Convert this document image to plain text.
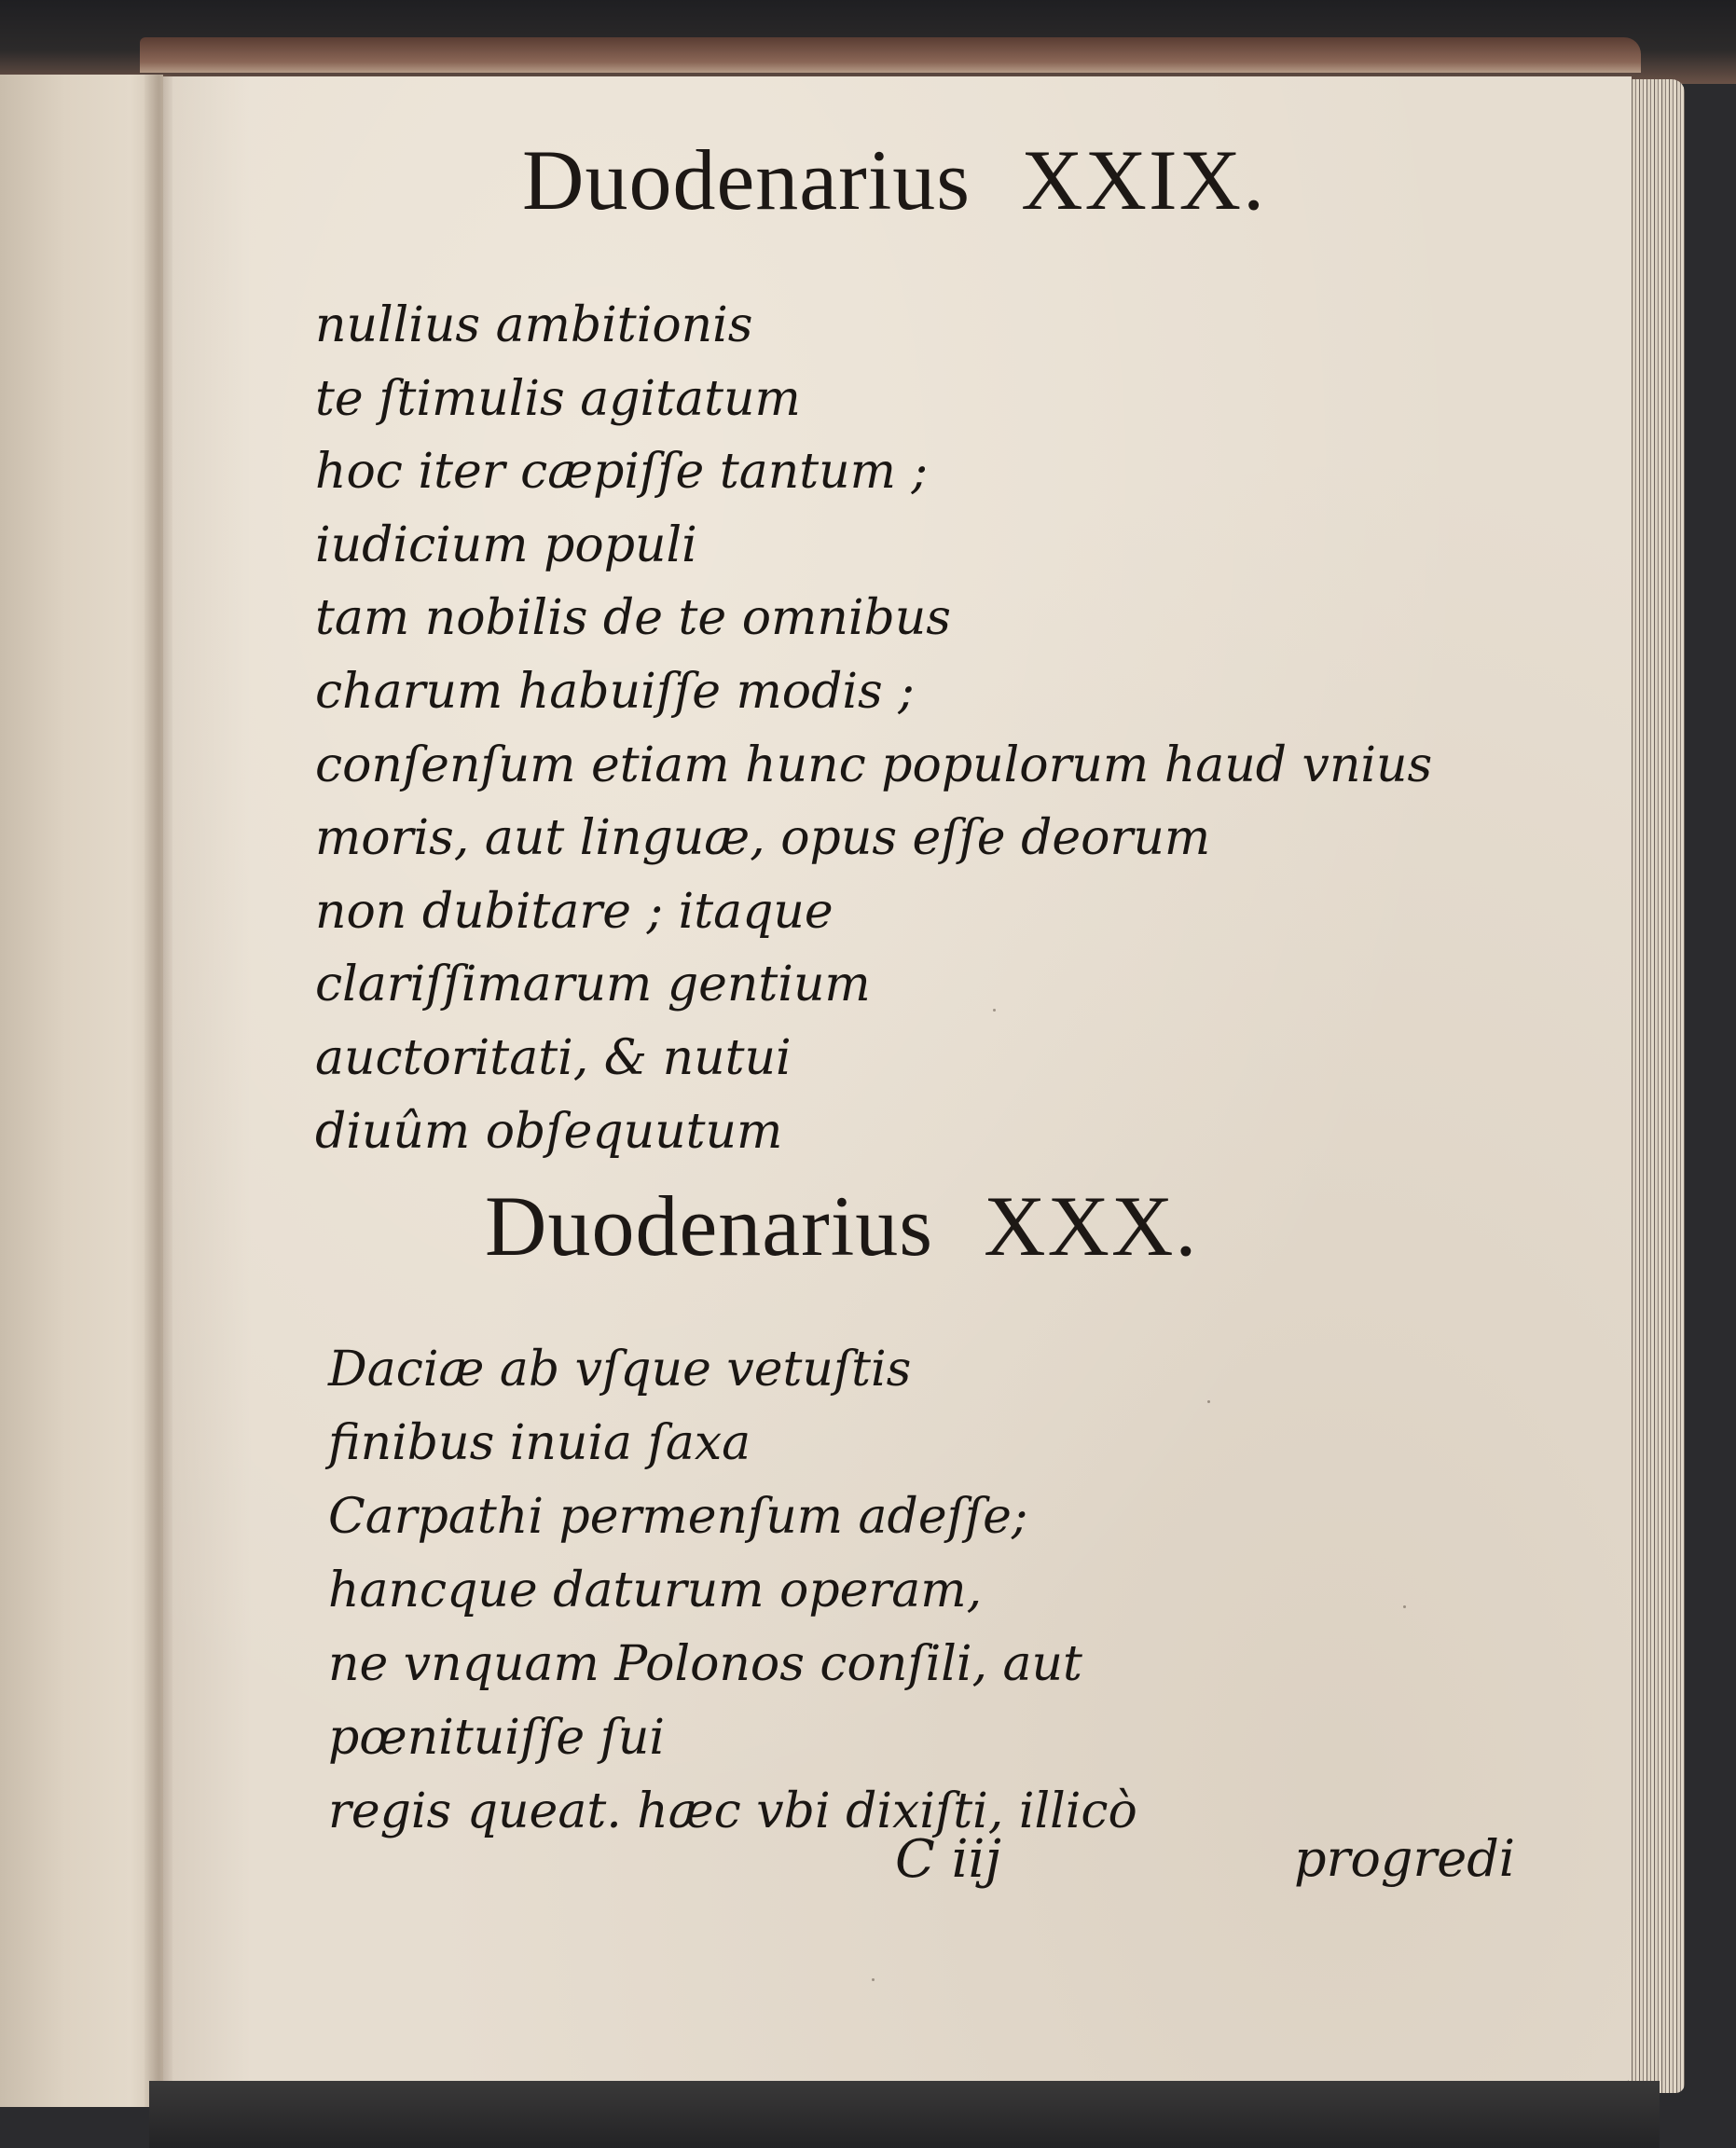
Duodenarius XXIX.
nullius ambitionis
te ſtimulis agitatum
hoc iter cæpiſſe tantum ;
iudicium populi
tam nobilis de te omnibus
charum habuiſſe modis ;
conſenſum etiam hunc populorum haud vnius
moris, aut linguæ, opus eſſe deorum
non dubitare ; itaque
clariſſimarum gentium
auctoritati, & nutui
diuûm obſequutum
Duodenarius XXX.
Daciæ ab vſque vetuſtis
finibus inuia ſaxa
Carpathi permenſum adeſſe;
hancque daturum operam,
ne vnquam Polonos conſili, aut
pœnituiſſe ſui
regis queat. hæc vbi dixiſti, illicò
C iij	progredi
